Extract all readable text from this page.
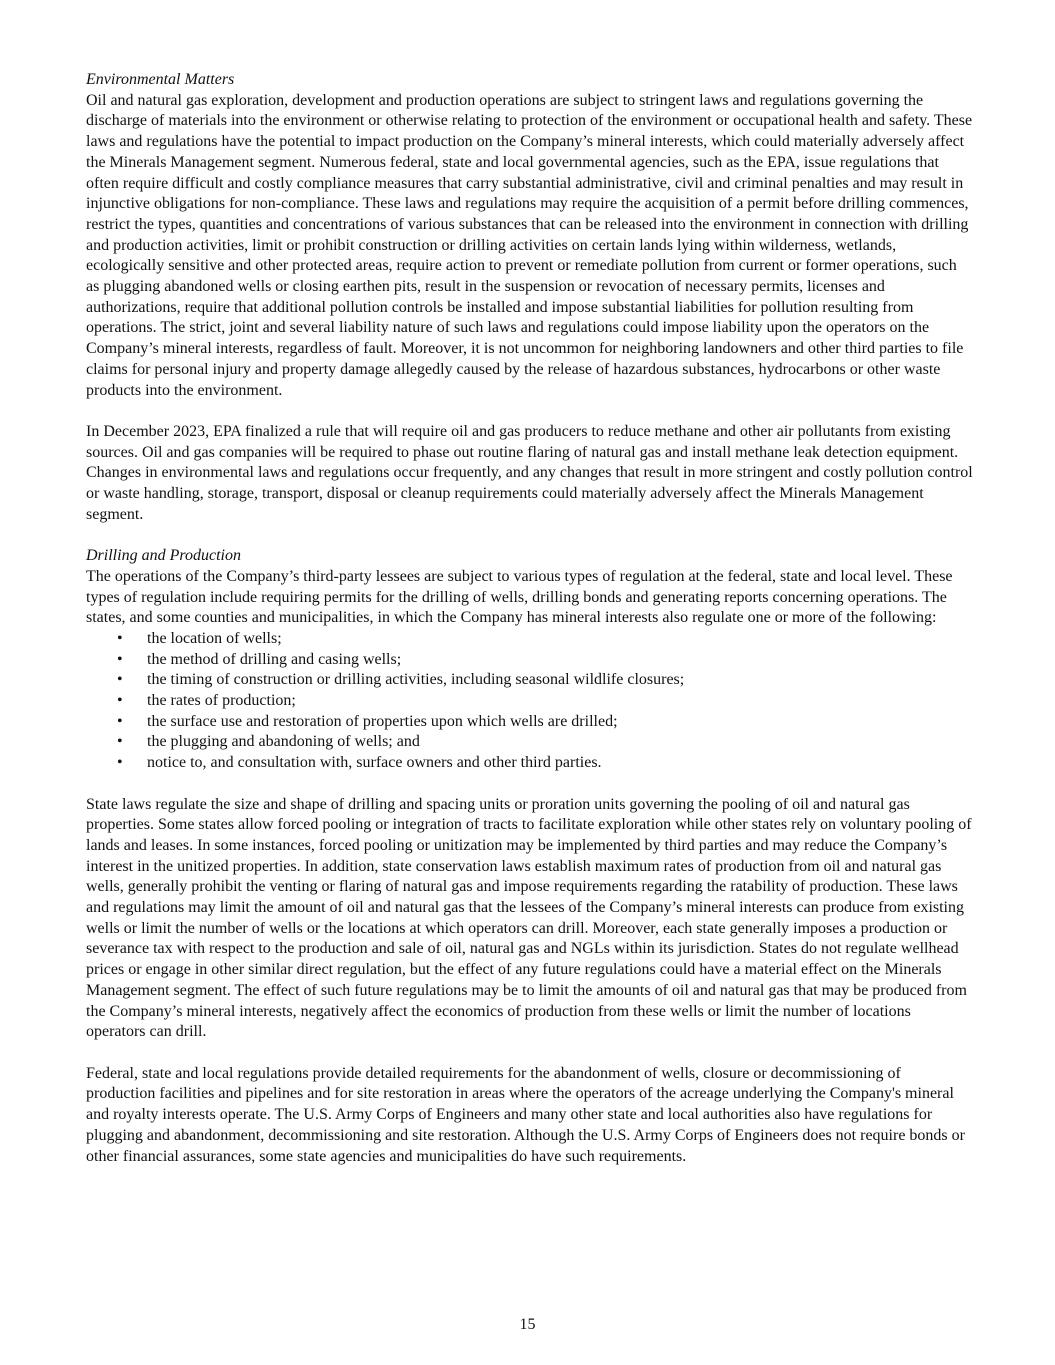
Environmental Matters

Oil and natural gas exploration, development and production operations are subject to stringent laws and regulations governing the discharge of materials into the environment or otherwise relating to protection of the environment or occupational health and safety. These laws and regulations have the potential to impact production on the Company’s mineral interests, which could materially adversely affect the Minerals Management segment. Numerous federal, state and local governmental agencies, such as the EPA, issue regulations that often require difficult and costly compliance measures that carry substantial administrative, civil and criminal penalties and may result in injunctive obligations for non-compliance. These laws and regulations may require the acquisition of a permit before drilling commences, restrict the types, quantities and concentrations of various substances that can be released into the environment in connection with drilling and production activities, limit or prohibit construction or drilling activities on certain lands lying within wilderness, wetlands, ecologically sensitive and other protected areas, require action to prevent or remediate pollution from current or former operations, such as plugging abandoned wells or closing earthen pits, result in the suspension or revocation of necessary permits, licenses and authorizations, require that additional pollution controls be installed and impose substantial liabilities for pollution resulting from operations. The strict, joint and several liability nature of such laws and regulations could impose liability upon the operators on the Company’s mineral interests, regardless of fault. Moreover, it is not uncommon for neighboring landowners and other third parties to file claims for personal injury and property damage allegedly caused by the release of hazardous substances, hydrocarbons or other waste products into the environment.

In December 2023, EPA finalized a rule that will require oil and gas producers to reduce methane and other air pollutants from existing sources. Oil and gas companies will be required to phase out routine flaring of natural gas and install methane leak detection equipment. Changes in environmental laws and regulations occur frequently, and any changes that result in more stringent and costly pollution control or waste handling, storage, transport, disposal or cleanup requirements could materially adversely affect the Minerals Management segment.

Drilling and Production

The operations of the Company’s third-party lessees are subject to various types of regulation at the federal, state and local level. These types of regulation include requiring permits for the drilling of wells, drilling bonds and generating reports concerning operations. The states, and some counties and municipalities, in which the Company has mineral interests also regulate one or more of the following:

• the location of wells;
• the method of drilling and casing wells;
• the timing of construction or drilling activities, including seasonal wildlife closures;
• the rates of production;
• the surface use and restoration of properties upon which wells are drilled;
• the plugging and abandoning of wells; and
• notice to, and consultation with, surface owners and other third parties.

State laws regulate the size and shape of drilling and spacing units or proration units governing the pooling of oil and natural gas properties. Some states allow forced pooling or integration of tracts to facilitate exploration while other states rely on voluntary pooling of lands and leases. In some instances, forced pooling or unitization may be implemented by third parties and may reduce the Company’s interest in the unitized properties. In addition, state conservation laws establish maximum rates of production from oil and natural gas wells, generally prohibit the venting or flaring of natural gas and impose requirements regarding the ratability of production. These laws and regulations may limit the amount of oil and natural gas that the lessees of the Company’s mineral interests can produce from existing wells or limit the number of wells or the locations at which operators can drill. Moreover, each state generally imposes a production or severance tax with respect to the production and sale of oil, natural gas and NGLs within its jurisdiction. States do not regulate wellhead prices or engage in other similar direct regulation, but the effect of any future regulations could have a material effect on the Minerals Management segment. The effect of such future regulations may be to limit the amounts of oil and natural gas that may be produced from the Company’s mineral interests, negatively affect the economics of production from these wells or limit the number of locations operators can drill.

Federal, state and local regulations provide detailed requirements for the abandonment of wells, closure or decommissioning of production facilities and pipelines and for site restoration in areas where the operators of the acreage underlying the Company's mineral and royalty interests operate. The U.S. Army Corps of Engineers and many other state and local authorities also have regulations for plugging and abandonment, decommissioning and site restoration. Although the U.S. Army Corps of Engineers does not require bonds or other financial assurances, some state agencies and municipalities do have such requirements.

15
